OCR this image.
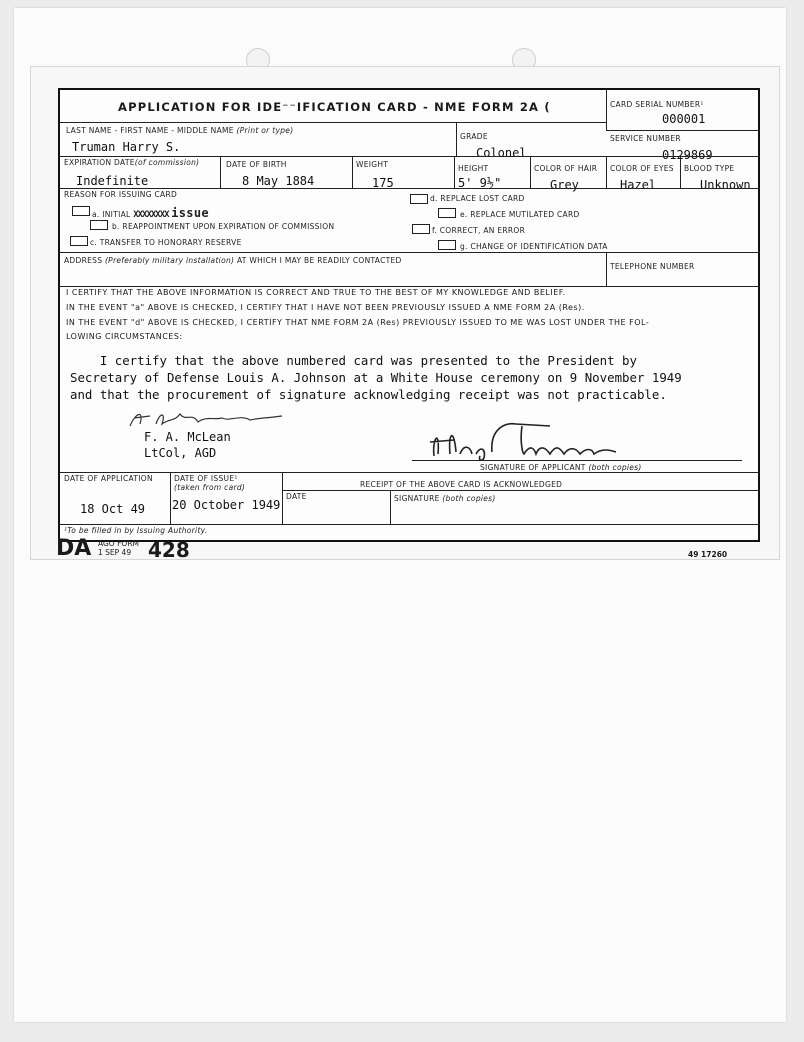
APPLICATION FOR IDE⁻⁻IFICATION CARD - NME FORM 2A (	CARD SERIAL NUMBER¹
000001
LAST NAME - FIRST NAME - MIDDLE NAME (Print or type)
Truman Harry S.
GRADE
Colonel
SERVICE NUMBER
0129869
EXPIRATION DATE(of commission)
Indefinite
DATE OF BIRTH
8 May 1884
WEIGHT
175
HEIGHT
5' 9½"
COLOR OF HAIR
Grey
COLOR OF EYES
Hazel
BLOOD TYPE
Unknown
REASON FOR ISSUING CARD
a. INITIAL XXXXXXXX issue
b. REAPPOINTMENT UPON EXPIRATION OF COMMISSION
c. TRANSFER TO HONORARY RESERVE
d. REPLACE LOST CARD
e. REPLACE MUTILATED CARD
f. CORRECT, AN ERROR
g. CHANGE OF IDENTIFICATION DATA
ADDRESS (Preferably military installation) AT WHICH I MAY BE READILY CONTACTED
TELEPHONE NUMBER
I CERTIFY THAT THE ABOVE INFORMATION IS CORRECT AND TRUE TO THE BEST OF MY KNOWLEDGE AND BELIEF.
IN THE EVENT "a" ABOVE IS CHECKED, I CERTIFY THAT I HAVE NOT BEEN PREVIOUSLY ISSUED A NME FORM 2A (Res).
IN THE EVENT "d" ABOVE IS CHECKED, I CERTIFY THAT NME FORM 2A (Res) PREVIOUSLY ISSUED TO ME WAS LOST UNDER THE FOL-
LOWING CIRCUMSTANCES:
I certify that the above numbered card was presented to the President by
Secretary of Defense Louis A. Johnson at a White House ceremony on 9 November 1949
and that the procurement of signature acknowledging receipt was not practicable.
F. A. McLean
LtCol, AGD
SIGNATURE OF APPLICANT (both copies)
DATE OF APPLICATION
18 Oct 49
DATE OF ISSUE¹
(taken from card)
20 October 1949
RECEIPT OF THE ABOVE CARD IS ACKNOWLEDGED
DATE	SIGNATURE (both copies)
¹To be filled in by Issuing Authority.
DA AGO FORM
1 SEP 49 428	49 17260
